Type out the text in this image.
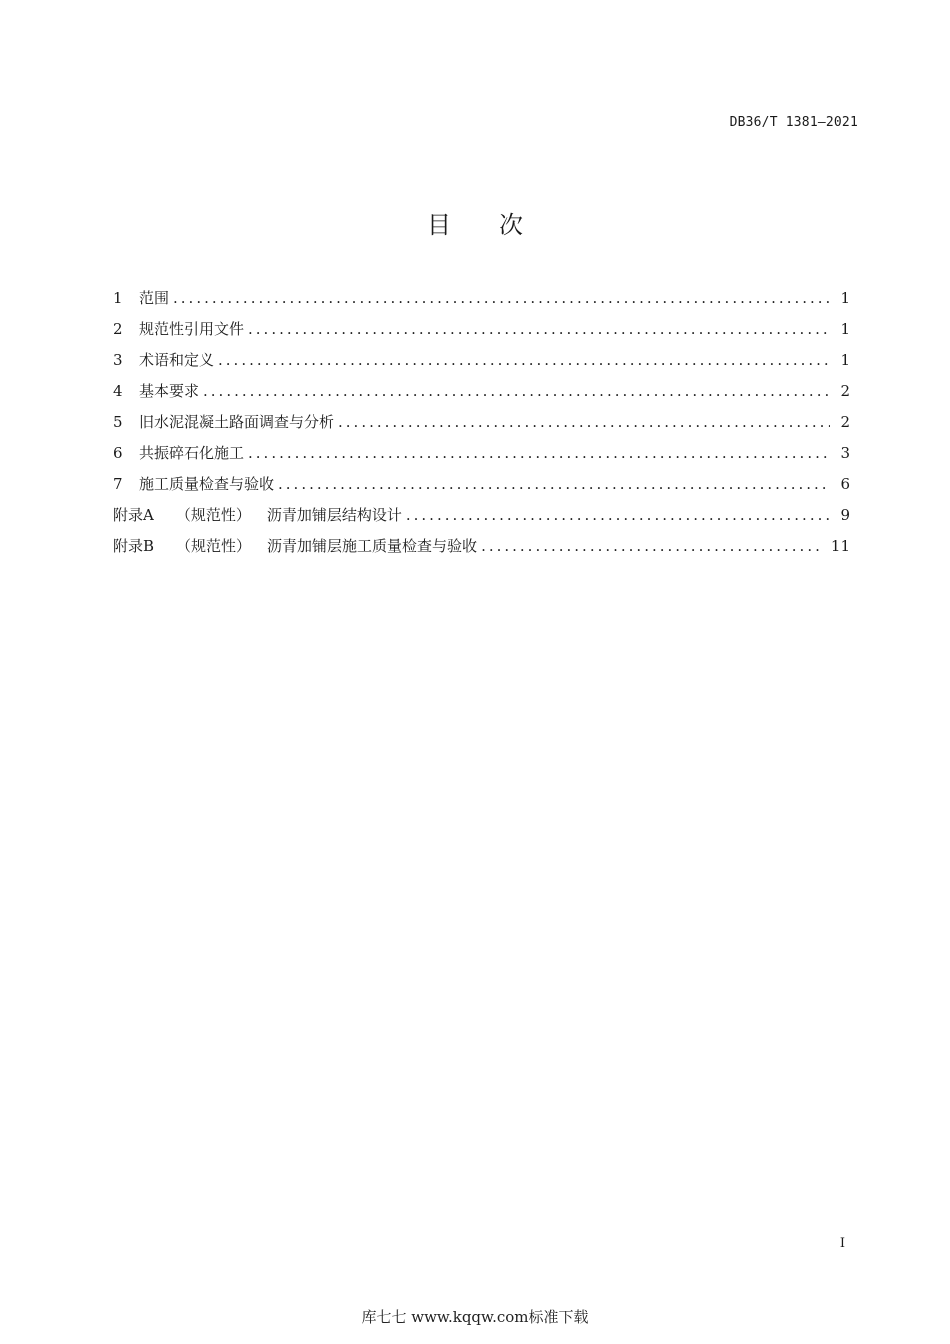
DB36/T 1381—2021
目次
1	范围 .....	1
2	规范性引用文件 .....	1
3	术语和定义 .....	1
4	基本要求 .....	2
5	旧水泥混凝土路面调查与分析 .....	2
6	共振碎石化施工 .....	3
7	施工质量检查与验收 .....	6
附录A （规范性） 沥青加铺层结构设计 .....	9
附录B （规范性） 沥青加铺层施工质量检查与验收 .....	11
I
库七七 www.kqqw.com标准下载
